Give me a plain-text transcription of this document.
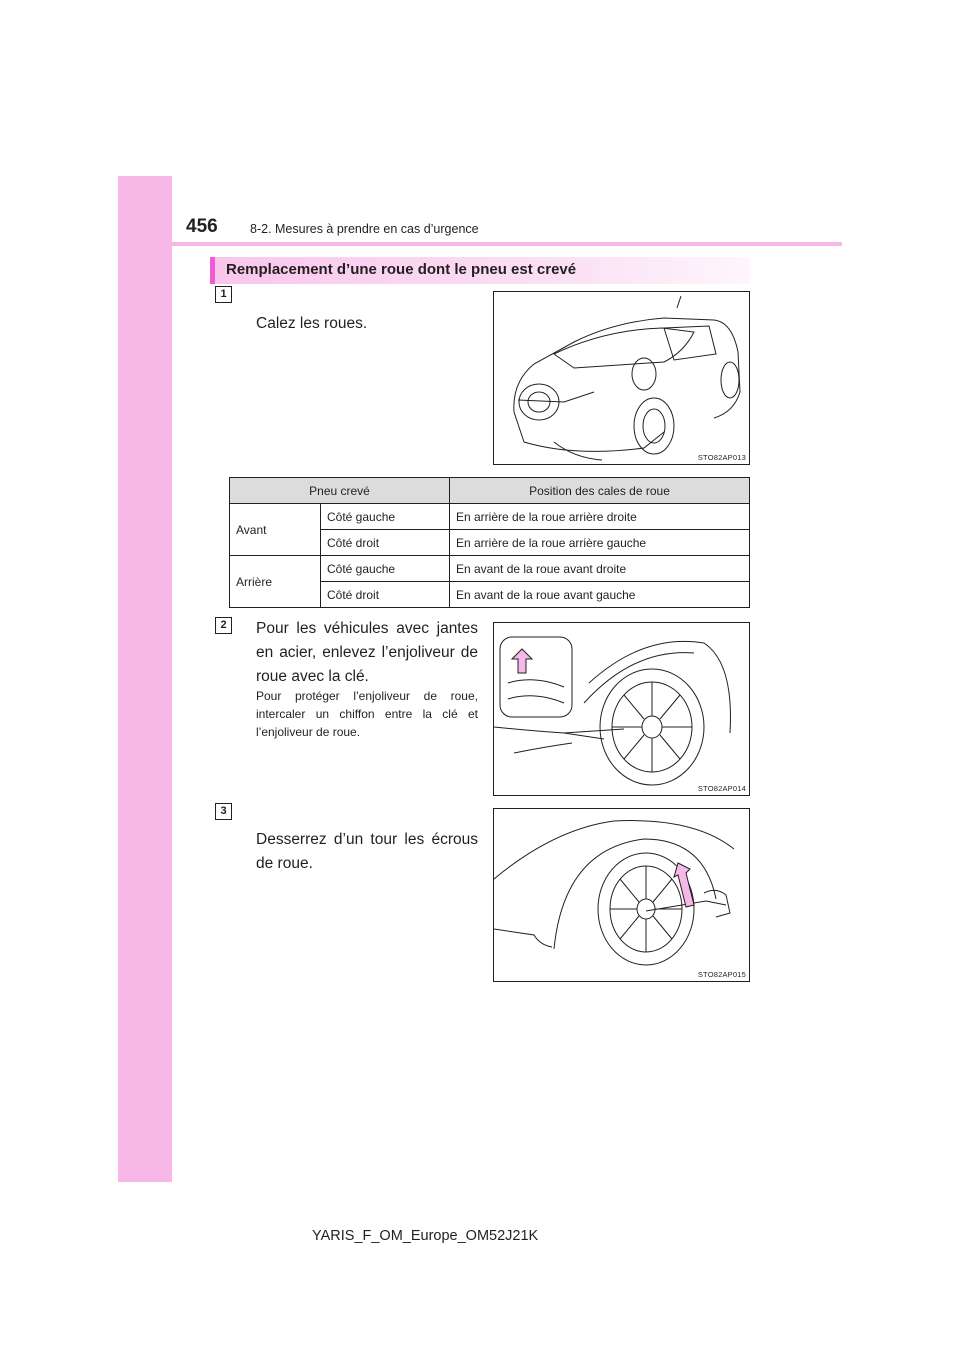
456	8-2. Mesures à prendre en cas d’urgence
Remplacement d’une roue dont le pneu est crevé
1
Calez les roues.
STO82AP013
Pneu crevé		Position des cales de roue
Avant	Côté gauche	En arrière de la roue arrière droite
	Côté droit	En arrière de la roue arrière gauche
Arrière	Côté gauche	En avant de la roue avant droite
	Côté droit	En avant de la roue avant gauche
2	Pour les véhicules avec jantes en acier, enlevez l’enjoliveur de roue avec la clé.
Pour protéger l’enjoliveur de roue, intercaler un chiffon entre la clé et l’enjoliveur de roue.
STO82AP014
3
Desserrez d’un tour les écrous de roue.
STO82AP015
YARIS_F_OM_Europe_OM52J21K
